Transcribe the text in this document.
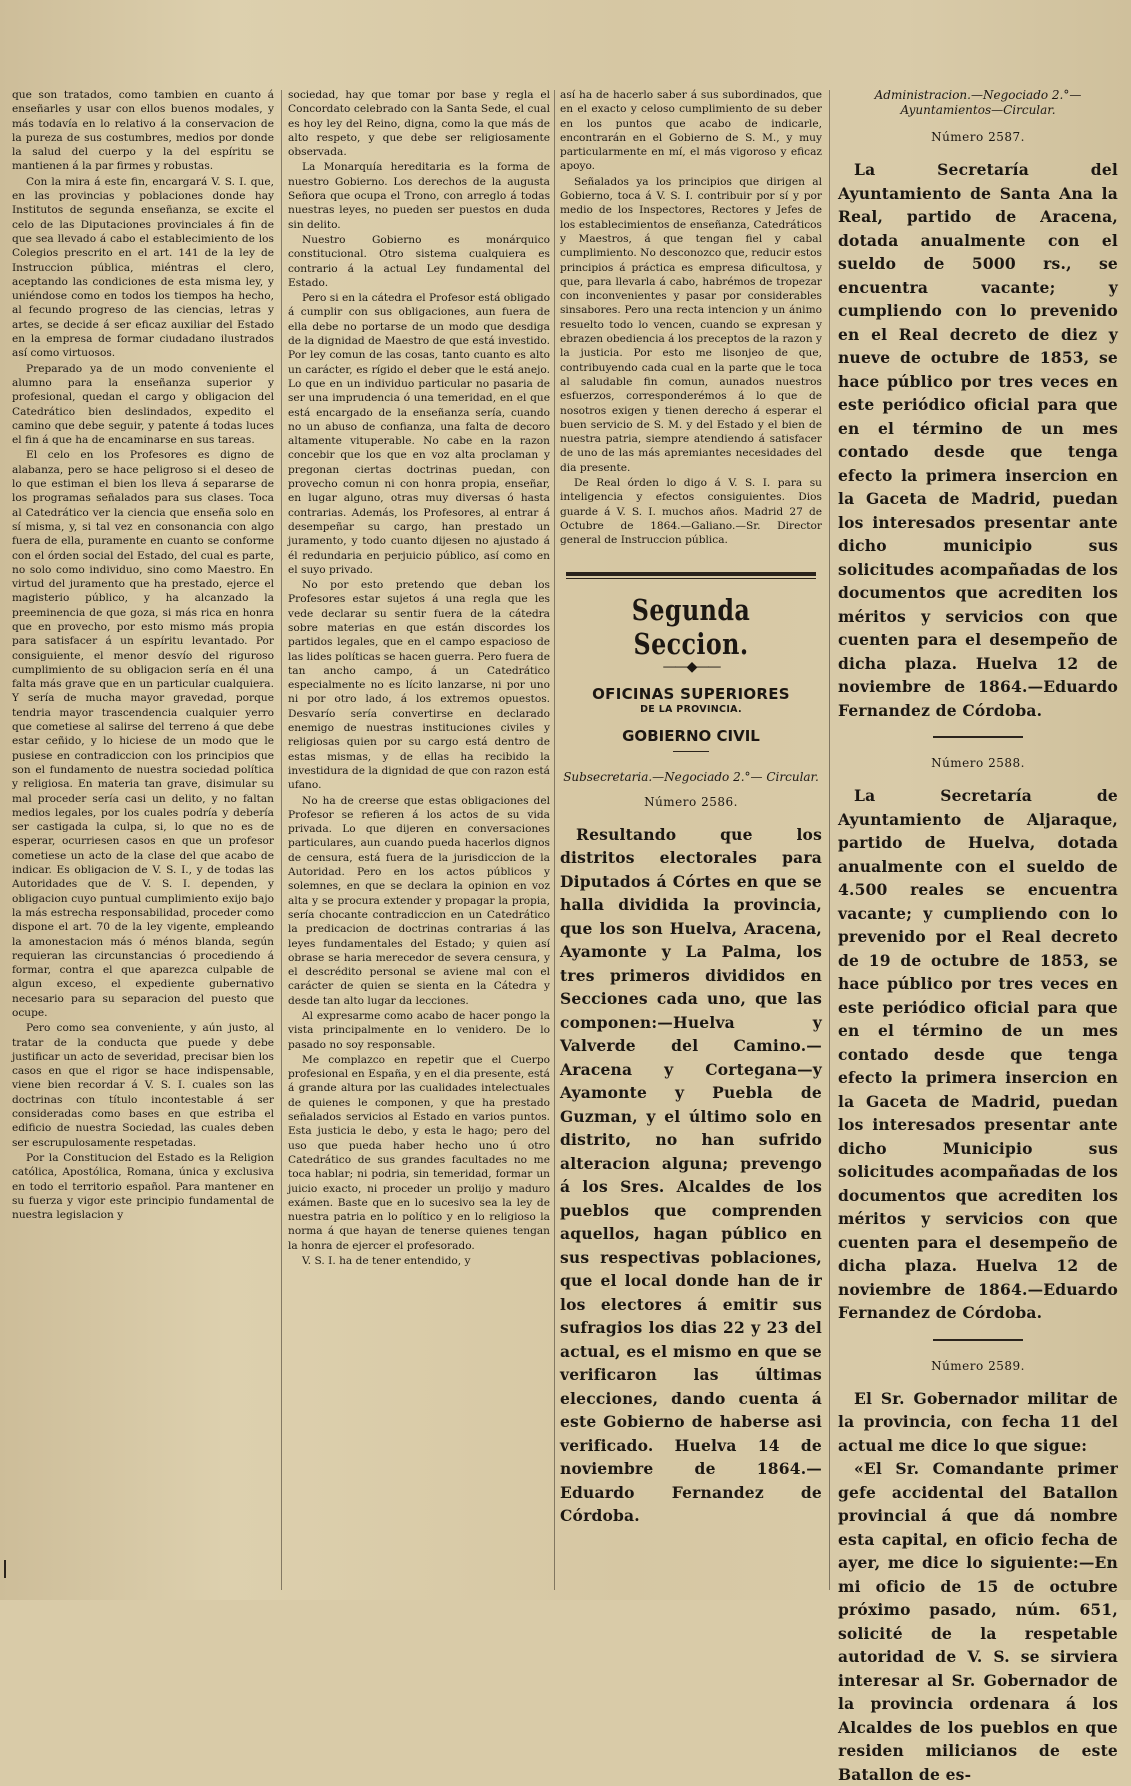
que son tratados, como tambien en cuanto á enseñarles y usar con ellos buenos modales, y más todavía en lo relativo á la conservacion de la pureza de sus costumbres, medios por donde la salud del cuerpo y la del espíritu se mantienen á la par firmes y robustas.

Con la mira á este fin, encargará V. S. I. que, en las provincias y poblaciones donde hay Institutos de segunda enseñanza, se excite el celo de las Diputaciones provinciales á fin de que sea llevado á cabo el establecimiento de los Colegios prescrito en el art. 141 de la ley de Instruccion pública, miéntras el clero, aceptando las condiciones de esta misma ley, y uniéndose como en todos los tiempos ha hecho, al fecundo progreso de las ciencias, letras y artes, se decide á ser eficaz auxiliar del Estado en la empresa de formar ciudadano ilustrados así como virtuosos.

Preparado ya de un modo conveniente el alumno para la enseñanza superior y profesional, quedan el cargo y obligacion del Catedrático bien deslindados, expedito el camino que debe seguir, y patente á todas luces el fin á que ha de encaminarse en sus tareas.

El celo en los Profesores es digno de alabanza, pero se hace peligroso si el deseo de lo que estiman el bien los lleva á separarse de los programas señalados para sus clases. Toca al Catedrático ver la ciencia que enseña solo en sí misma, y, si tal vez en consonancia con algo fuera de ella, puramente en cuanto se conforme con el órden social del Estado, del cual es parte, no solo como individuo, sino como Maestro. En virtud del juramento que ha prestado, ejerce el magisterio público, y ha alcanzado la preeminencia de que goza, si más rica en honra que en provecho, por esto mismo más propia para satisfacer á un espíritu levantado. Por consiguiente, el menor desvío del riguroso cumplimiento de su obligacion sería en él una falta más grave que en un particular cualquiera. Y sería de mucha mayor gravedad, porque tendria mayor trascendencia cualquier yerro que cometiese al salirse del terreno á que debe estar ceñido, y lo hiciese de un modo que le pusiese en contradiccion con los principios que son el fundamento de nuestra sociedad política y religiosa. En materia tan grave, disimular su mal proceder sería casi un delito, y no faltan medios legales, por los cuales podría y debería ser castigada la culpa, si, lo que no es de esperar, ocurriesen casos en que un profesor cometiese un acto de la clase del que acabo de indicar. Es obligacion de V. S. I., y de todas las Autoridades que de V. S. I. dependen, y obligacion cuyo puntual cumplimiento exijo bajo la más estrecha responsabilidad, proceder como dispone el art. 70 de la ley vigente, empleando la amonestacion más ó ménos blanda, según requieran las circunstancias ó procediendo á formar, contra el que aparezca culpable de algun exceso, el expediente gubernativo necesario para su separacion del puesto que ocupe.

Pero como sea conveniente, y aún justo, al tratar de la conducta que puede y debe justificar un acto de severidad, precisar bien los casos en que el rigor se hace indispensable, viene bien recordar á V. S. I. cuales son las doctrinas con título incontestable á ser consideradas como bases en que estriba el edificio de nuestra Sociedad, las cuales deben ser escrupulosamente respetadas.

Por la Constitucion del Estado es la Religion católica, Apostólica, Romana, única y exclusiva en todo el territorio español. Para mantener en su fuerza y vigor este principio fundamental de nuestra legislacion y

sociedad, hay que tomar por base y regla el Concordato celebrado con la Santa Sede, el cual es hoy ley del Reino, digna, como la que más de alto respeto, y que debe ser religiosamente observada.

La Monarquía hereditaria es la forma de nuestro Gobierno. Los derechos de la augusta Señora que ocupa el Trono, con arreglo á todas nuestras leyes, no pueden ser puestos en duda sin delito.

Nuestro Gobierno es monárquico constitucional. Otro sistema cualquiera es contrario á la actual Ley fundamental del Estado.

Pero si en la cátedra el Profesor está obligado á cumplir con sus obligaciones, aun fuera de ella debe no portarse de un modo que desdiga de la dignidad de Maestro de que está investido. Por ley comun de las cosas, tanto cuanto es alto un carácter, es rígido el deber que le está anejo. Lo que en un individuo particular no pasaria de ser una imprudencia ó una temeridad, en el que está encargado de la enseñanza sería, cuando no un abuso de confianza, una falta de decoro altamente vituperable. No cabe en la razon concebir que los que en voz alta proclaman y pregonan ciertas doctrinas puedan, con provecho comun ni con honra propia, enseñar, en lugar alguno, otras muy diversas ó hasta contrarias. Además, los Profesores, al entrar á desempeñar su cargo, han prestado un juramento, y todo cuanto dijesen no ajustado á él redundaria en perjuicio público, así como en el suyo privado.

No por esto pretendo que deban los Profesores estar sujetos á una regla que les vede declarar su sentir fuera de la cátedra sobre materias en que están discordes los partidos legales, que en el campo espacioso de las lides políticas se hacen guerra. Pero fuera de tan ancho campo, á un Catedrático especialmente no es lícito lanzarse, ni por uno ni por otro lado, á los extremos opuestos. Desvarío sería convertirse en declarado enemigo de nuestras instituciones civiles y religiosas quien por su cargo está dentro de estas mismas, y de ellas ha recibido la investidura de la dignidad de que con razon está ufano.

No ha de creerse que estas obligaciones del Profesor se refieren á los actos de su vida privada. Lo que dijeren en conversaciones particulares, aun cuando pueda hacerlos dignos de censura, está fuera de la jurisdiccion de la Autoridad. Pero en los actos públicos y solemnes, en que se declara la opinion en voz alta y se procura extender y propagar la propia, sería chocante contradiccion en un Catedrático la predicacion de doctrinas contrarias á las leyes fundamentales del Estado; y quien así obrase se haria merecedor de severa censura, y el descrédito personal se aviene mal con el carácter de quien se sienta en la Cátedra y desde tan alto lugar da lecciones.

Al expresarme como acabo de hacer pongo la vista principalmente en lo venidero. De lo pasado no soy responsable.

Me complazco en repetir que el Cuerpo profesional en España, y en el dia presente, está á grande altura por las cualidades intelectuales de quienes le componen, y que ha prestado señalados servicios al Estado en varios puntos. Esta justicia le debo, y esta le hago; pero del uso que pueda haber hecho uno ú otro Catedrático de sus grandes facultades no me toca hablar; ni podria, sin temeridad, formar un juicio exacto, ni proceder un prolijo y maduro exámen. Baste que en lo sucesivo sea la ley de nuestra patria en lo político y en lo religioso la norma á que hayan de tenerse quienes tengan la honra de ejercer el profesorado.

V. S. I. ha de tener entendido, y

así ha de hacerlo saber á sus subordinados, que en el exacto y celoso cumplimiento de su deber en los puntos que acabo de indicarle, encontrarán en el Gobierno de S. M., y muy particularmente en mí, el más vigoroso y eficaz apoyo.

Señalados ya los principios que dirigen al Gobierno, toca á V. S. I. contribuir por sí y por medio de los Inspectores, Rectores y Jefes de los establecimientos de enseñanza, Catedráticos y Maestros, á que tengan fiel y cabal cumplimiento. No desconozco que, reducir estos principios á práctica es empresa dificultosa, y que, para llevarla á cabo, habrémos de tropezar con inconvenientes y pasar por considerables sinsabores. Pero una recta intencion y un ánimo resuelto todo lo vencen, cuando se expresan y ebrazen obediencia á los preceptos de la razon y la justicia. Por esto me lisonjeo de que, contribuyendo cada cual en la parte que le toca al saludable fin comun, aunados nuestros esfuerzos, corresponderémos á lo que de nosotros exigen y tienen derecho á esperar el buen servicio de S. M. y del Estado y el bien de nuestra patria, siempre atendiendo á satisfacer de uno de las más apremiantes necesidades del dia presente.

De Real órden lo digo á V. S. I. para su inteligencia y efectos consiguientes. Dios guarde á V. S. I. muchos años. Madrid 27 de Octubre de 1864.—Galiano.—Sr. Director general de Instruccion pública.

Segunda Seccion.
——◆——
OFICINAS SUPERIORES
DE LA PROVINCIA.
GOBIERNO CIVIL
Subsecretaria.—Negociado 2.°— Circular.
Número 2586.

Resultando que los distritos electorales para Diputados á Córtes en que se halla dividida la provincia, que los son Huelva, Aracena, Ayamonte y La Palma, los tres primeros divididos en Secciones cada uno, que las componen:—Huelva y Valverde del Camino.—Aracena y Cortegana—y Ayamonte y Puebla de Guzman, y el último solo en distrito, no han sufrido alteracion alguna; prevengo á los Sres. Alcaldes de los pueblos que comprenden aquellos, hagan público en sus respectivas poblaciones, que el local donde han de ir los electores á emitir sus sufragios los dias 22 y 23 del actual, es el mismo en que se verificaron las últimas elecciones, dando cuenta á este Gobierno de haberse asi verificado. Huelva 14 de noviembre de 1864.—Eduardo Fernandez de Córdoba.

Administracion.—Negociado 2.°— Ayuntamientos—Circular.
Número 2587.

La Secretaría del Ayuntamiento de Santa Ana la Real, partido de Aracena, dotada anualmente con el sueldo de 5000 rs., se encuentra vacante; y cumpliendo con lo prevenido en el Real decreto de diez y nueve de octubre de 1853, se hace público por tres veces en este periódico oficial para que en el término de un mes contado desde que tenga efecto la primera insercion en la Gaceta de Madrid, puedan los interesados presentar ante dicho municipio sus solicitudes acompañadas de los documentos que acrediten los méritos y servicios con que cuenten para el desempeño de dicha plaza. Huelva 12 de noviembre de 1864.—Eduardo Fernandez de Córdoba.

Número 2588.

La Secretaría de Ayuntamiento de Aljaraque, partido de Huelva, dotada anualmente con el sueldo de 4.500 reales se encuentra vacante; y cumpliendo con lo prevenido por el Real decreto de 19 de octubre de 1853, se hace público por tres veces en este periódico oficial para que en el término de un mes contado desde que tenga efecto la primera insercion en la Gaceta de Madrid, puedan los interesados presentar ante dicho Municipio sus solicitudes acompañadas de los documentos que acrediten los méritos y servicios con que cuenten para el desempeño de dicha plaza. Huelva 12 de noviembre de 1864.—Eduardo Fernandez de Córdoba.

Número 2589.

El Sr. Gobernador militar de la provincia, con fecha 11 del actual me dice lo que sigue:

«El Sr. Comandante primer gefe accidental del Batallon provincial á que dá nombre esta capital, en oficio fecha de ayer, me dice lo siguiente:—En mi oficio de 15 de octubre próximo pasado, núm. 651, solicité de la respetable autoridad de V. S. se sirviera interesar al Sr. Gobernador de la provincia ordenara á los Alcaldes de los pueblos en que residen milicianos de este Batallon de es-
